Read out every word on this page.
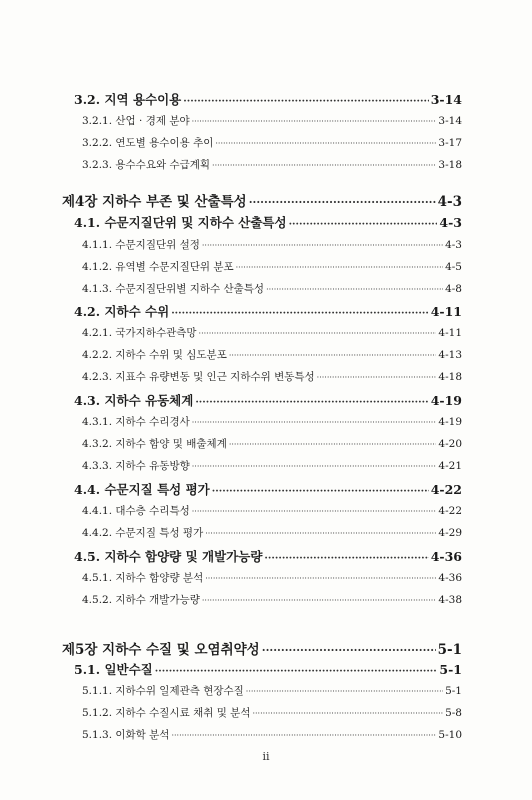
3.2. 지역 용수이용 ·····	3-14
3.2.1. 산업 · 경제 분야 ·····	3-14
3.2.2. 연도별 용수이용 추이 ·····	3-17
3.2.3. 용수수요와 수급계획 ·····	3-18
제4장 지하수 부존 및 산출특성 ·····	4-3
4.1. 수문지질단위 및 지하수 산출특성 ·····	4-3
4.1.1. 수문지질단위 설정 ·····	4-3
4.1.2. 유역별 수문지질단위 분포 ·····	4-5
4.1.3. 수문지질단위별 지하수 산출특성 ·····	4-8
4.2. 지하수 수위 ·····	4-11
4.2.1. 국가지하수관측망 ·····	4-11
4.2.2. 지하수 수위 및 심도분포 ·····	4-13
4.2.3. 지표수 유량변동 및 인근 지하수위 변동특성 ·····	4-18
4.3. 지하수 유동체계 ·····	4-19
4.3.1. 지하수 수리경사 ·····	4-19
4.3.2. 지하수 함양 및 배출체계 ·····	4-20
4.3.3. 지하수 유동방향 ·····	4-21
4.4. 수문지질 특성 평가 ·····	4-22
4.4.1. 대수층 수리특성 ·····	4-22
4.4.2. 수문지질 특성 평가 ·····	4-29
4.5. 지하수 함양량 및 개발가능량 ·····	4-36
4.5.1. 지하수 함양량 분석 ·····	4-36
4.5.2. 지하수 개발가능량 ·····	4-38
제5장 지하수 수질 및 오염취약성 ·····	5-1
5.1. 일반수질 ·····	5-1
5.1.1. 지하수위 일제관측 현장수질 ·····	5-1
5.1.2. 지하수 수질시료 채취 및 분석 ·····	5-8
5.1.3. 이화학 분석 ·····	5-10
ii
